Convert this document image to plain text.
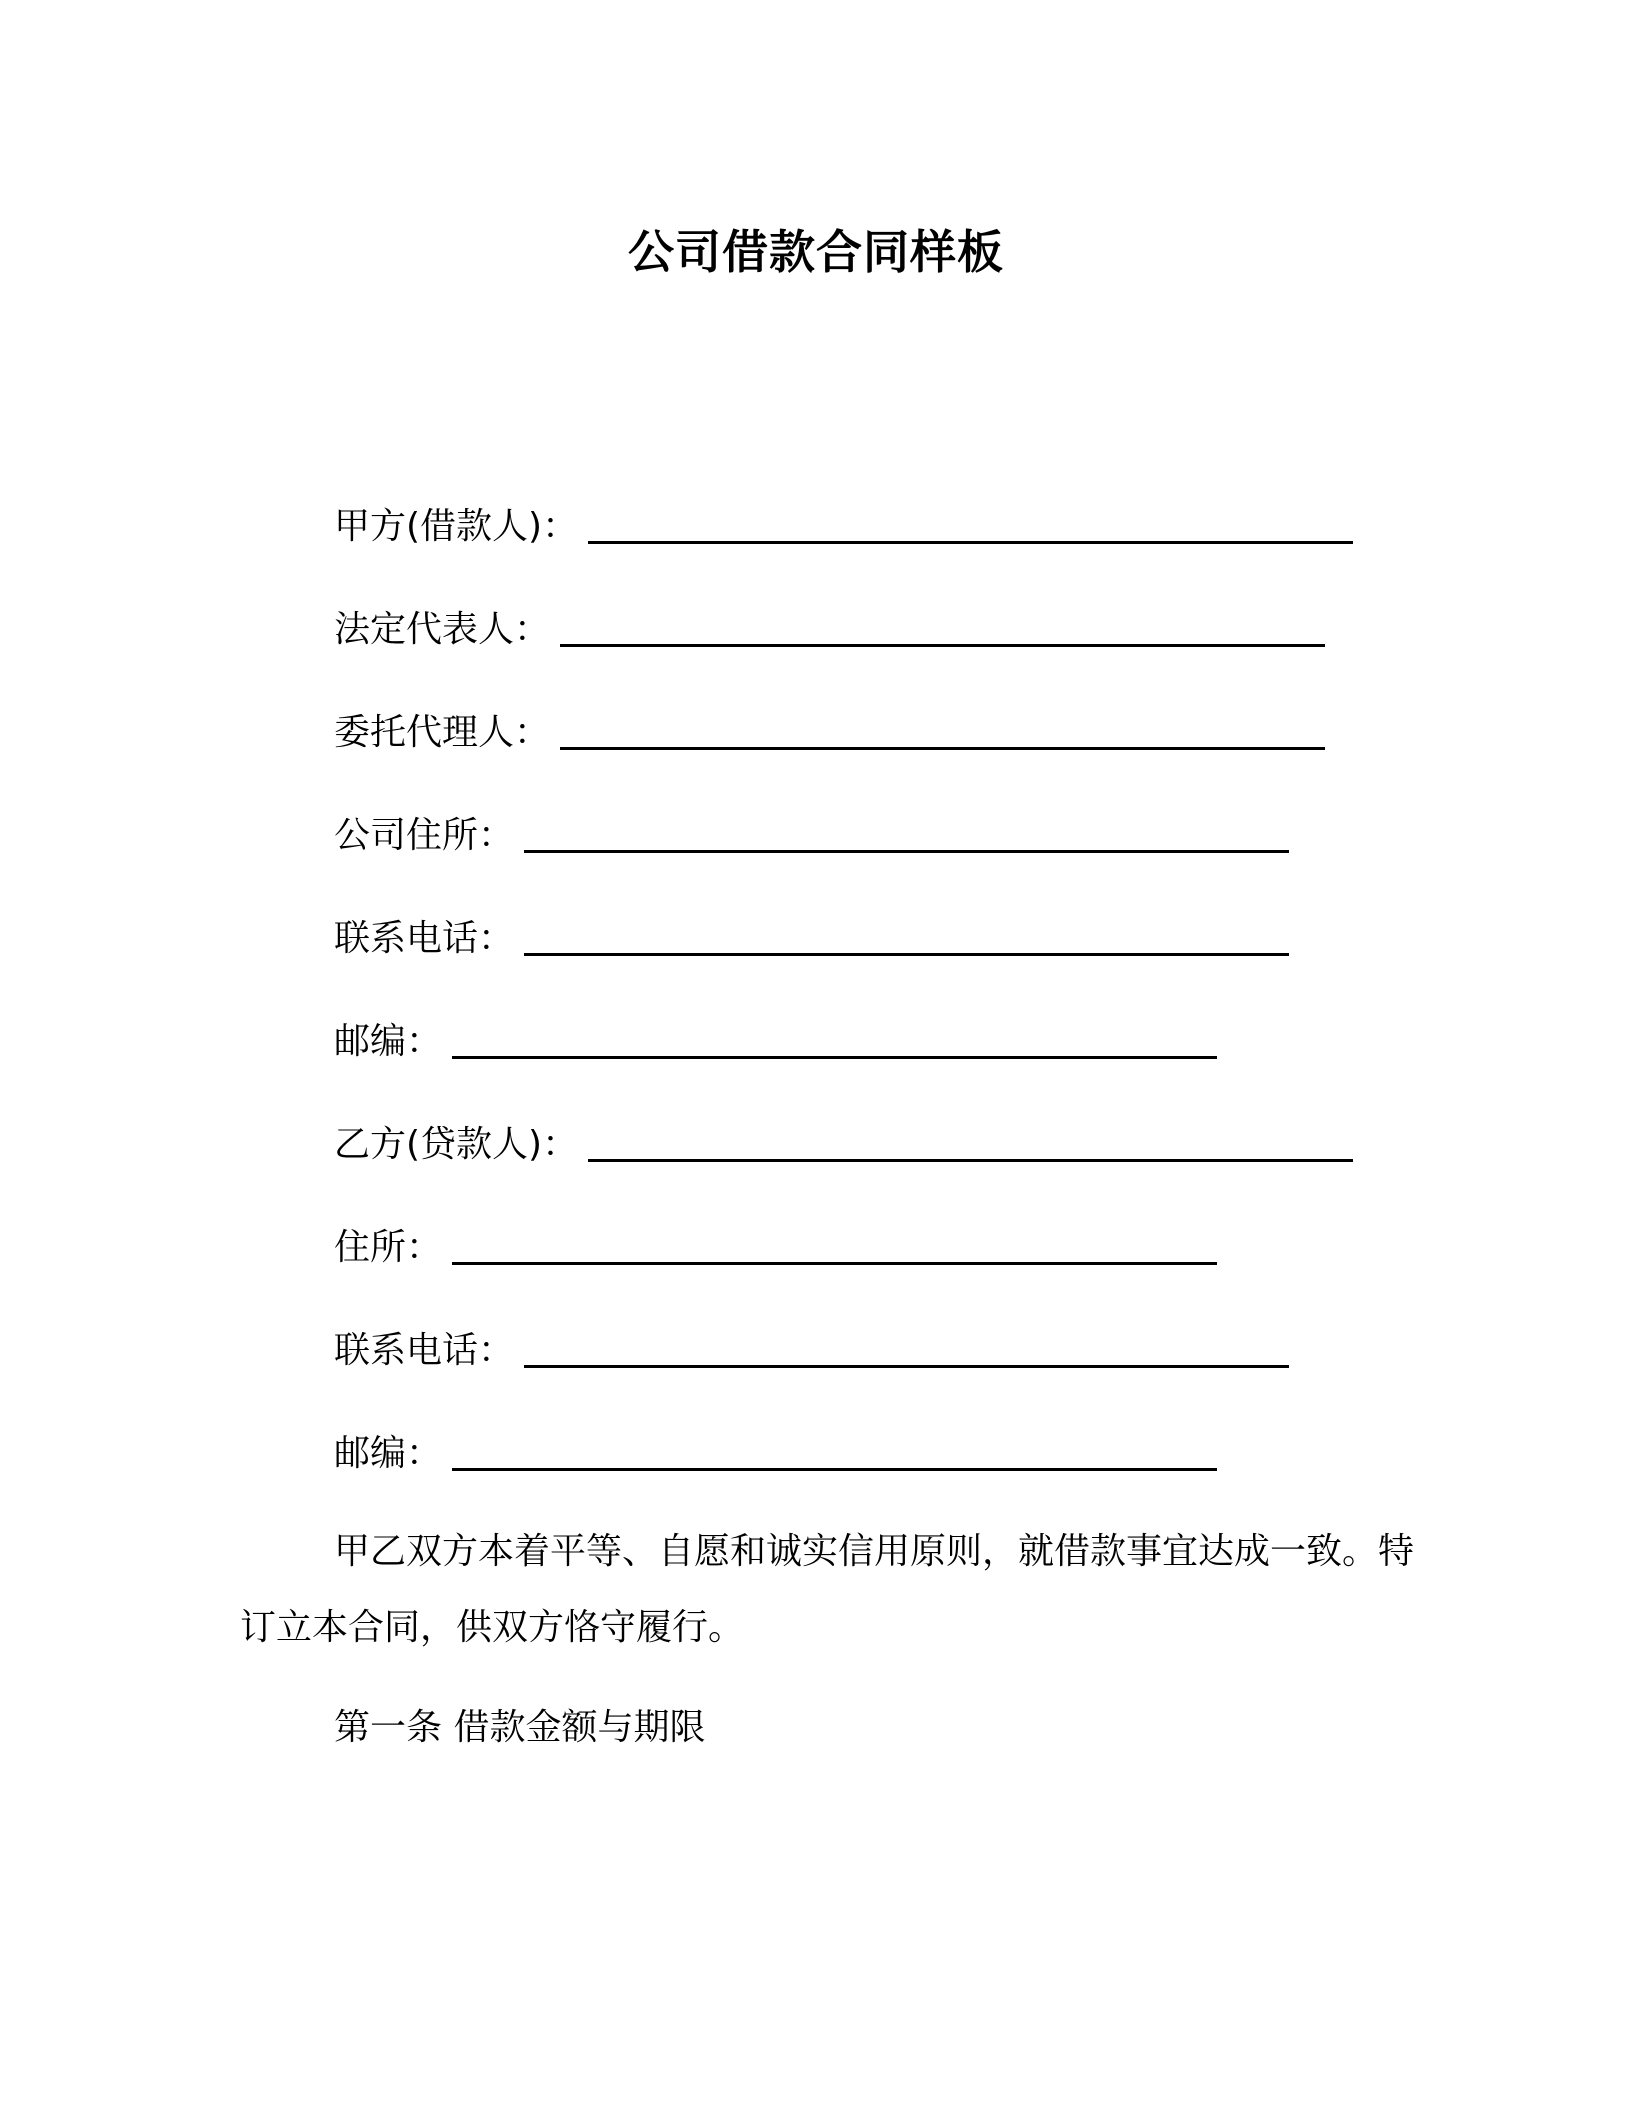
公司借款合同样板
甲方(借款人)：
法定代表人：
委托代理人：
公司住所：
联系电话：
邮编：
乙方(贷款人)：
住所：
联系电话：
邮编：

甲乙双方本着平等、自愿和诚实信用原则，就借款事宜达成一致。特订立本合同，供双方恪守履行。

第一条 借款金额与期限
